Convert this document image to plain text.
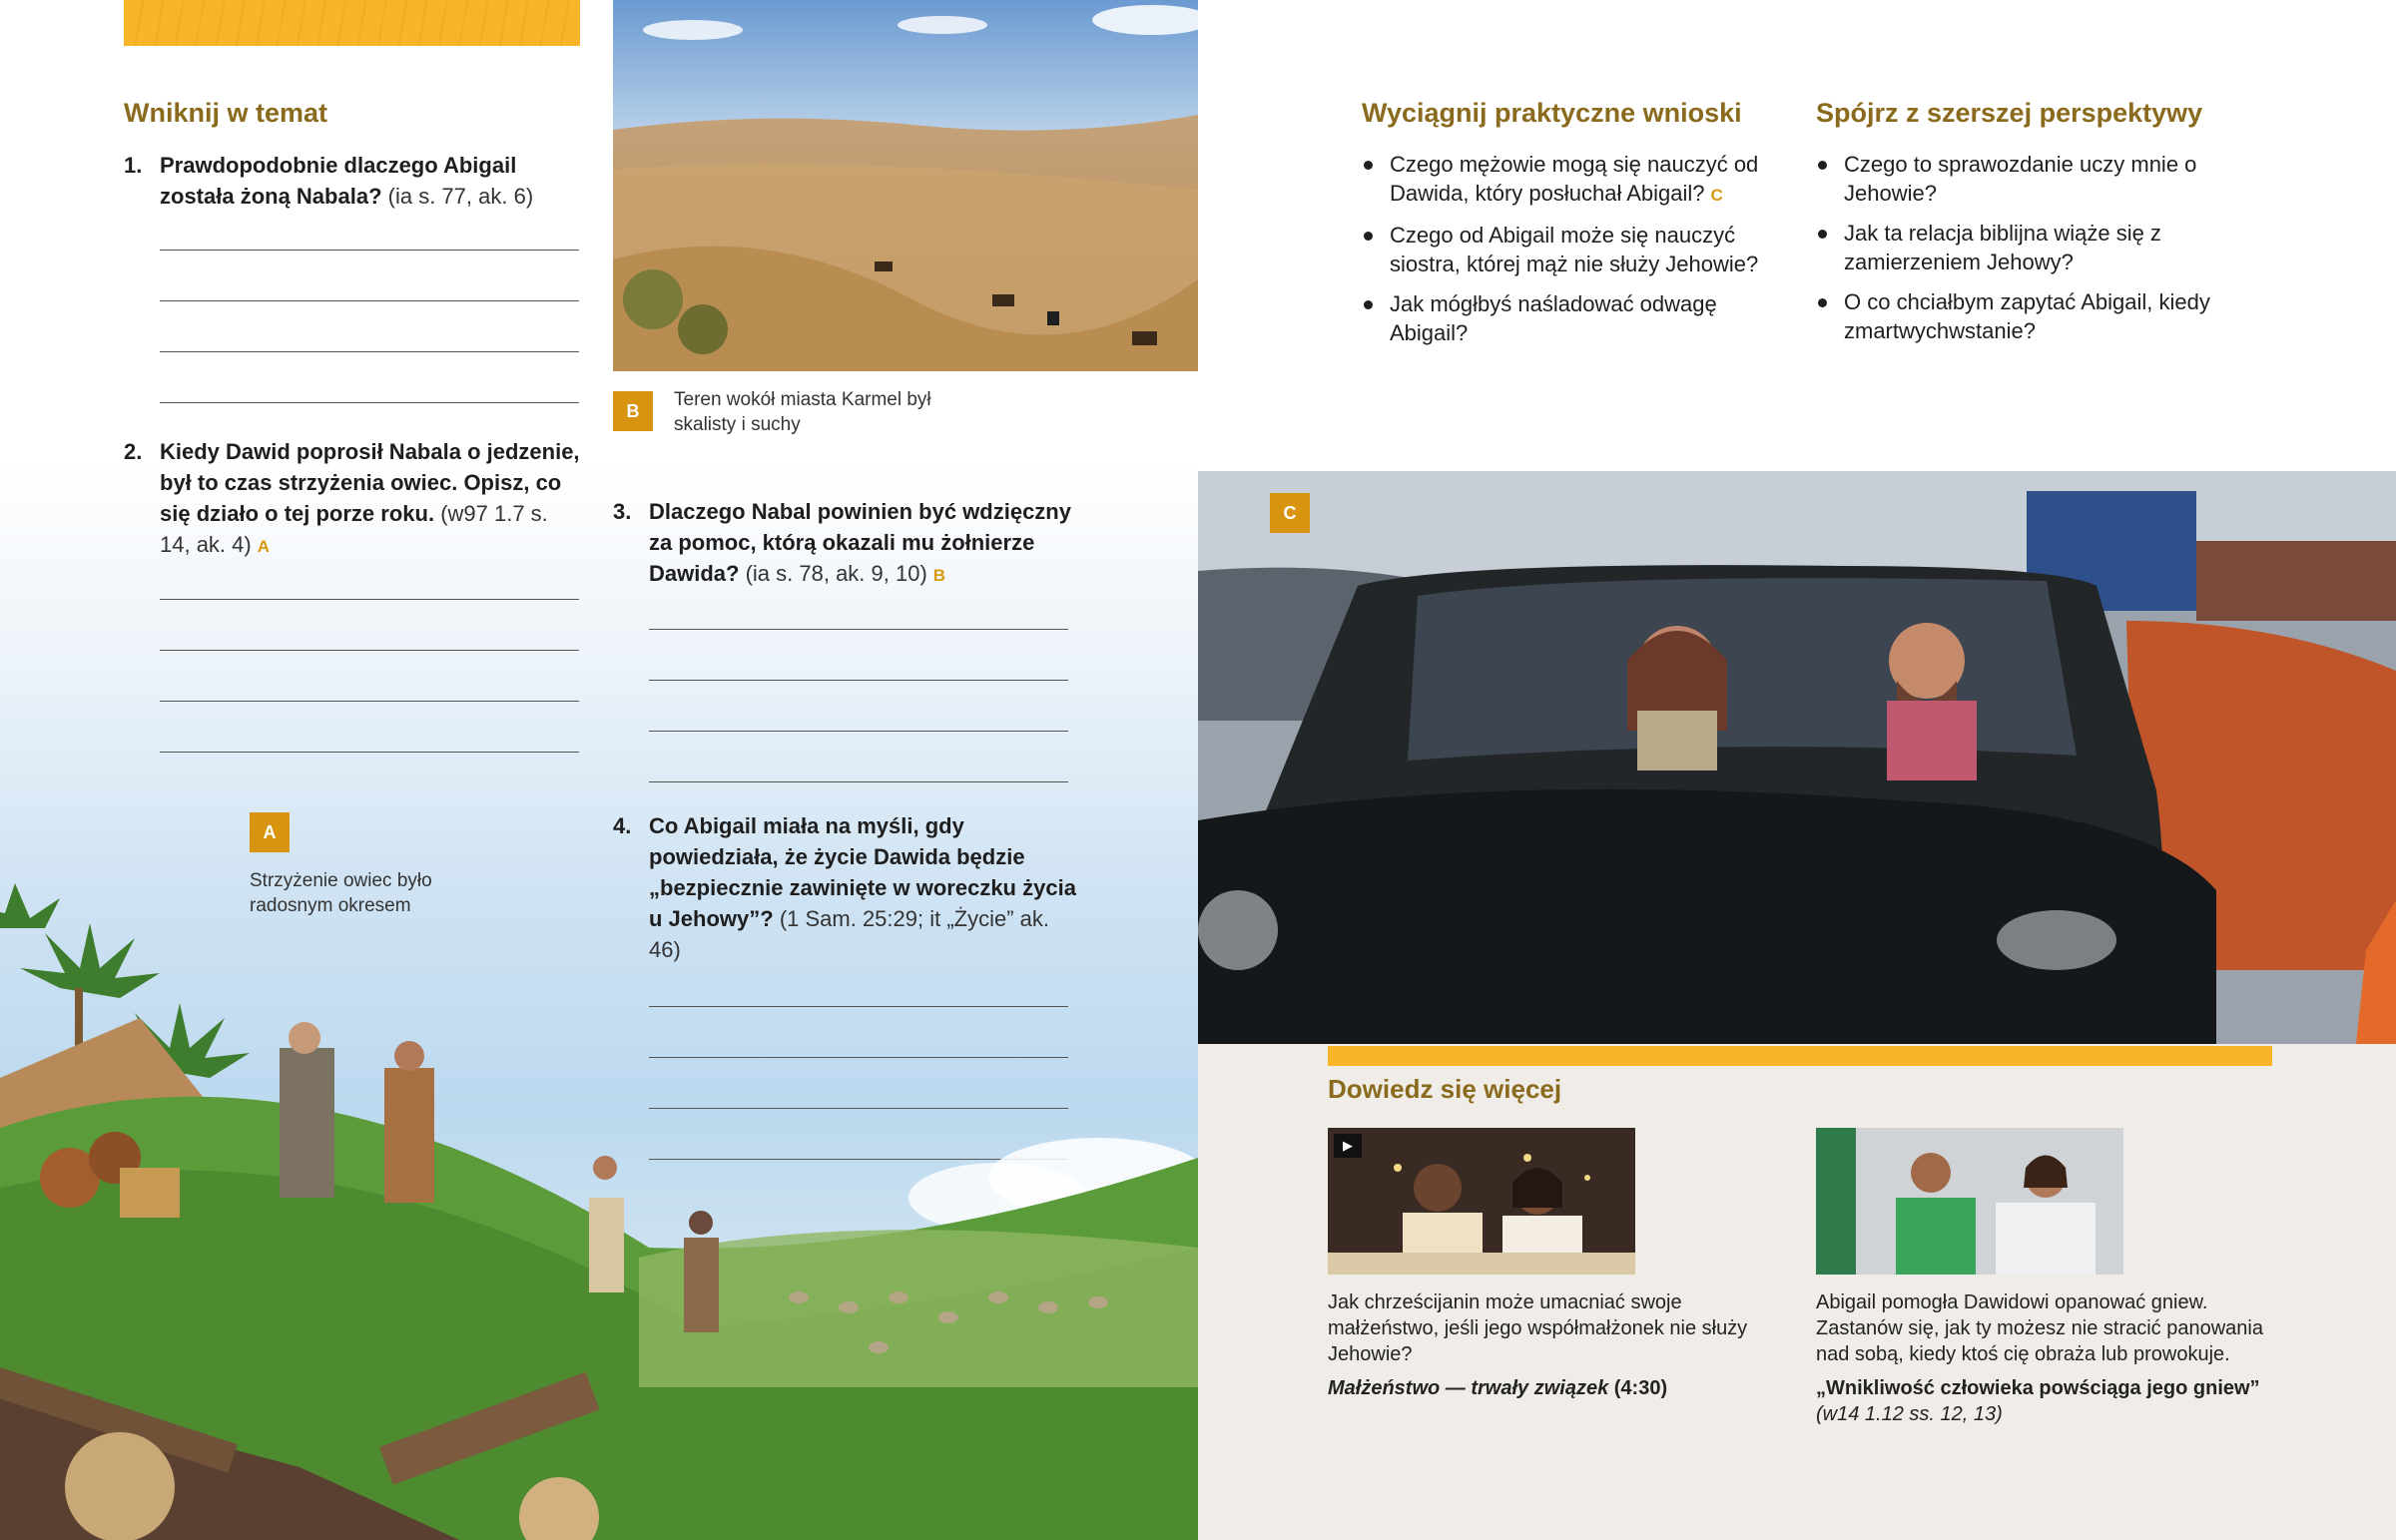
Wniknij w temat
1. Prawdopodobnie dlaczego Abigail została żoną Nabala? (ia s. 77, ak. 6)
2. Kiedy Dawid poprosił Nabala o jedzenie, był to czas strzyżenia owiec. Opisz, co się działo o tej porze roku. (w97 1.7 s. 14, ak. 4) A
B
Teren wokół miasta Karmel był skalisty i suchy
3. Dlaczego Nabal powinien być wdzięczny za pomoc, którą okazali mu żołnierze Dawida? (ia s. 78, ak. 9, 10) B
4. Co Abigail miała na myśli, gdy powiedziała, że życie Dawida będzie „bezpiecznie zawinięte w woreczku życia u Jehowy”? (1 Sam. 25:29; it „Życie” ak. 46)
A
Strzyżenie owiec było radosnym okresem
Wyciągnij praktyczne wnioski
Czego mężowie mogą się nauczyć od Dawida, który posłuchał Abigail? C
Czego od Abigail może się nauczyć siostra, której mąż nie służy Jehowie?
Jak mógłbyś naśladować odwagę Abigail?
Spójrz z szerszej perspektywy
Czego to sprawozdanie uczy mnie o Jehowie?
Jak ta relacja biblijna wiąże się z zamierzeniem Jehowy?
O co chciałbym zapytać Abigail, kiedy zmartwychwstanie?
C
Dowiedz się więcej
▶
Jak chrześcijanin może umacniać swoje małżeństwo, jeśli jego współmałżonek nie służy Jehowie?
Małżeństwo — trwały związek (4:30)
Abigail pomogła Dawidowi opanować gniew. Zastanów się, jak ty możesz nie stracić panowania nad sobą, kiedy ktoś cię obraża lub prowokuje.
„Wnikliwość człowieka powściąga jego gniew”
(w14 1.12 ss. 12, 13)
